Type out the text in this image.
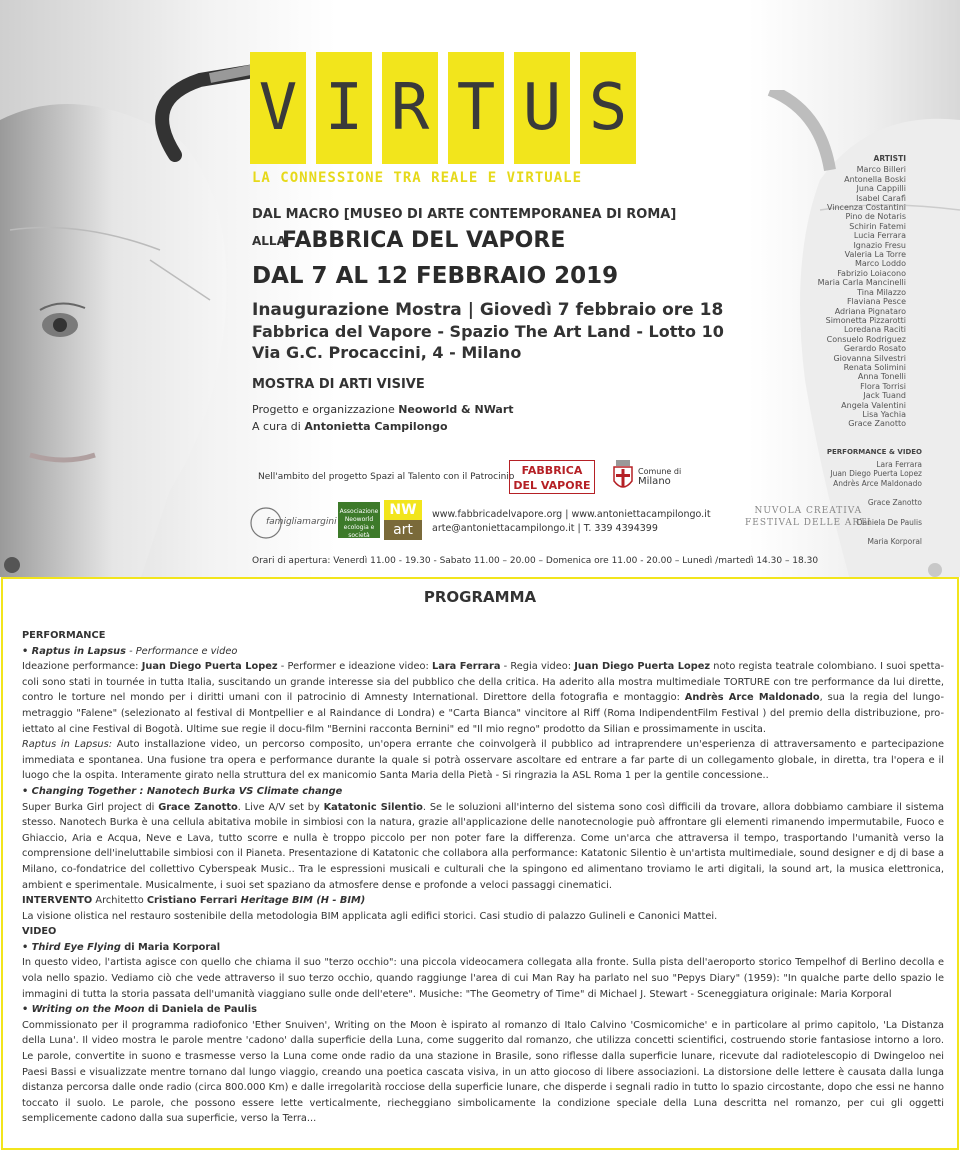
V I R T U S
LA CONNESSIONE TRA REALE E VIRTUALE
DAL MACRO [MUSEO DI ARTE CONTEMPORANEA DI ROMA]
ALLA
FABBRICA DEL VAPORE
DAL 7 AL 12 FEBBRAIO 2019
Inaugurazione Mostra | Giovedì 7 febbraio ore 18
Fabbrica del Vapore - Spazio The Art Land - Lotto 10
Via G.C. Procaccini, 4 - Milano
MOSTRA DI ARTI VISIVE
Progetto e organizzazione Neoworld & NWart
A cura di Antonietta Campilongo
Nell'ambito del progetto Spazi al Talento con il Patrocinio FABBRICA
DEL VAPORE
Comune di
Milano
famigliamargini
Associazione Neoworld ecologia e società
NW
art
www.fabbricadelvapore.org | www.antoniettacampilongo.it
arte@antoniettacampilongo.it | T. 339 4394399
NUVOLA CREATIVA
FESTIVAL DELLE ARTI
Orari di apertura: Venerdì 11.00 - 19.30 - Sabato 11.00 – 20.00 – Domenica ore 11.00 - 20.00 – Lunedì /martedì 14.30 – 18.30
ARTISTI
Marco Billeri
Antonella Boski
Juna Cappilli
Isabel Carafì
Vincenza Costantini
Pino de Notaris
Schirin Fatemi
Lucia Ferrara
Ignazio Fresu
Valeria La Torre
Marco Loddo
Fabrizio Loiacono
Maria Carla Mancinelli
Tina Milazzo
Flaviana Pesce
Adriana Pignataro
Simonetta Pizzarotti
Loredana Raciti
Consuelo Rodriguez
Gerardo Rosato
Giovanna Silvestri
Renata Solimini
Anna Tonelli
Flora Torrisi
Jack Tuand
Angela Valentini
Lisa Yachia
Grace Zanotto
PERFORMANCE & VIDEO
Lara Ferrara
Juan Diego Puerta Lopez
Andrès Arce Maldonado
Grace Zanotto
Daniela De Paulis
Maria Korporal
PROGRAMMA

PERFORMANCE

• Raptus in Lapsus - Performance e video

Ideazione performance: Juan Diego Puerta Lopez - Performer e ideazione video: Lara Ferrara - Regia video: Juan Diego Puerta Lopez noto regista teatrale colombiano. I suoi spetta-coli sono stati in tournée in tutta Italia, suscitando un grande interesse sia del pubblico che della critica. Ha aderito alla mostra multimediale TORTURE con tre performance da lui dirette, contro le torture nel mondo per i diritti umani con il patrocinio di Amnesty International. Direttore della fotografia e montaggio: Andrès Arce Maldonado, sua la regia del lungo-metraggio "Falene" (selezionato al festival di Montpellier e al Raindance di Londra) e "Carta Bianca" vincitore al Riff (Roma IndipendentFilm Festival ) del premio della distribuzione, pro-iettato al cine Festival di Bogotà. Ultime sue regie il docu-film "Bernini racconta Bernini" ed "Il mio regno" prodotto da Silian e prossimamente in uscita.

Raptus in Lapsus: Auto installazione video, un percorso composito, un'opera errante che coinvolgerà il pubblico ad intraprendere un'esperienza di attraversamento e partecipazione immediata e spontanea. Una fusione tra opera e performance durante la quale si potrà osservare ascoltare ed entrare a far parte di un collegamento globale, in diretta, tra l'opera e il luogo che la ospita. Interamente girato nella struttura del ex manicomio Santa Maria della Pietà - Si ringrazia la ASL Roma 1 per la gentile concessione..

• Changing Together : Nanotech Burka VS Climate change

Super Burka Girl project di Grace Zanotto. Live A/V set by Katatonic Silentio. Se le soluzioni all'interno del sistema sono così difficili da trovare, allora dobbiamo cambiare il sistema stesso. Nanotech Burka è una cellula abitativa mobile in simbiosi con la natura, grazie all'applicazione delle nanotecnologie può affrontare gli elementi rimanendo impermutabile, Fuoco e Ghiaccio, Aria e Acqua, Neve e Lava, tutto scorre e nulla è troppo piccolo per non poter fare la differenza. Come un'arca che attraversa il tempo, trasportando l'umanità verso la comprensione dell'ineluttabile simbiosi con il Pianeta. Presentazione di Katatonic che collabora alla performance: Katatonic Silentio è un'artista multimediale, sound designer e dj di base a Milano, co-fondatrice del collettivo Cyberspeak Music.. Tra le espressioni musicali e culturali che la spingono ed alimentano troviamo le arti digitali, la sound art, la musica elettronica, ambient e sperimentale. Musicalmente, i suoi set spaziano da atmosfere dense e profonde a veloci passaggi cinematici.

INTERVENTO Architetto Cristiano Ferrari Heritage BIM (H - BIM)

La visione olistica nel restauro sostenibile della metodologia BIM applicata agli edifici storici. Casi studio di palazzo Gulineli e Canonici Mattei.

VIDEO

• Third Eye Flying di Maria Korporal

In questo video, l'artista agisce con quello che chiama il suo "terzo occhio": una piccola videocamera collegata alla fronte. Sulla pista dell'aeroporto storico Tempelhof di Berlino decolla e vola nello spazio. Vediamo ciò che vede attraverso il suo terzo occhio, quando raggiunge l'area di cui Man Ray ha parlato nel suo "Pepys Diary" (1959): "In qualche parte dello spazio le immagini di tutta la storia passata dell'umanità viaggiano sulle onde dell'etere". Musiche: "The Geometry of Time" di Michael J. Stewart - Sceneggiatura originale: Maria Korporal

• Writing on the Moon di Daniela de Paulis

Commissionato per il programma radiofonico 'Ether Snuiven', Writing on the Moon è ispirato al romanzo di Italo Calvino 'Cosmicomiche' e in particolare al primo capitolo, 'La Distanza della Luna'. Il video mostra le parole mentre 'cadono' dalla superficie della Luna, come suggerito dal romanzo, che utilizza concetti scientifici, costruendo storie fantasiose intorno a loro. Le parole, convertite in suono e trasmesse verso la Luna come onde radio da una stazione in Brasile, sono riflesse dalla superficie lunare, ricevute dal radiotelescopio di Dwingeloo nei Paesi Bassi e visualizzate mentre tornano dal lungo viaggio, creando una poetica cascata visiva, in un atto giocoso di libere associazioni. La distorsione delle lettere è causata dalla lunga distanza percorsa dalle onde radio (circa 800.000 Km) e dalle irregolarità rocciose della superficie lunare, che disperde i segnali radio in tutto lo spazio circostante, dopo che essi ne hanno toccato il suolo. Le parole, che possono essere lette verticalmente, riecheggiano simbolicamente la condizione speciale della Luna descritta nel romanzo, per cui gli oggetti semplicemente cadono dalla sua superficie, verso la Terra...
